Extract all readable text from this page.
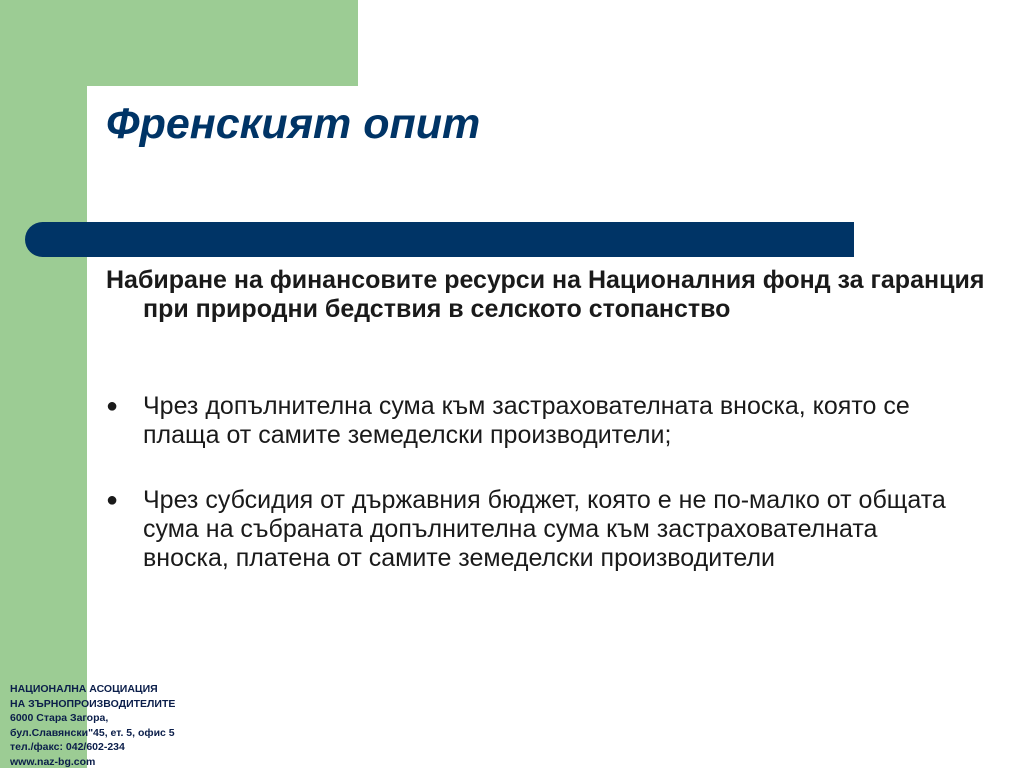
Френският опит

Набиране на финансовите ресурси на Националния фонд за гаранция при природни бедствия в селското стопанство

● Чрез допълнителна сума към застрахователната вноска, която се плаща от самите земеделски производители;
● Чрез субсидия от държавния бюджет, която е не по-малко от общата сума на събраната допълнителна сума към застрахователната вноска, платена от самите земеделски производители
НАЦИОНАЛНА АСОЦИАЦИЯ
НА ЗЪРНОПРОИЗВОДИТЕЛИТЕ
6000 Стара Загора,
бул.Славянски"45, ет. 5, офис 5
тел./факс: 042/602-234
www.naz-bg.com
